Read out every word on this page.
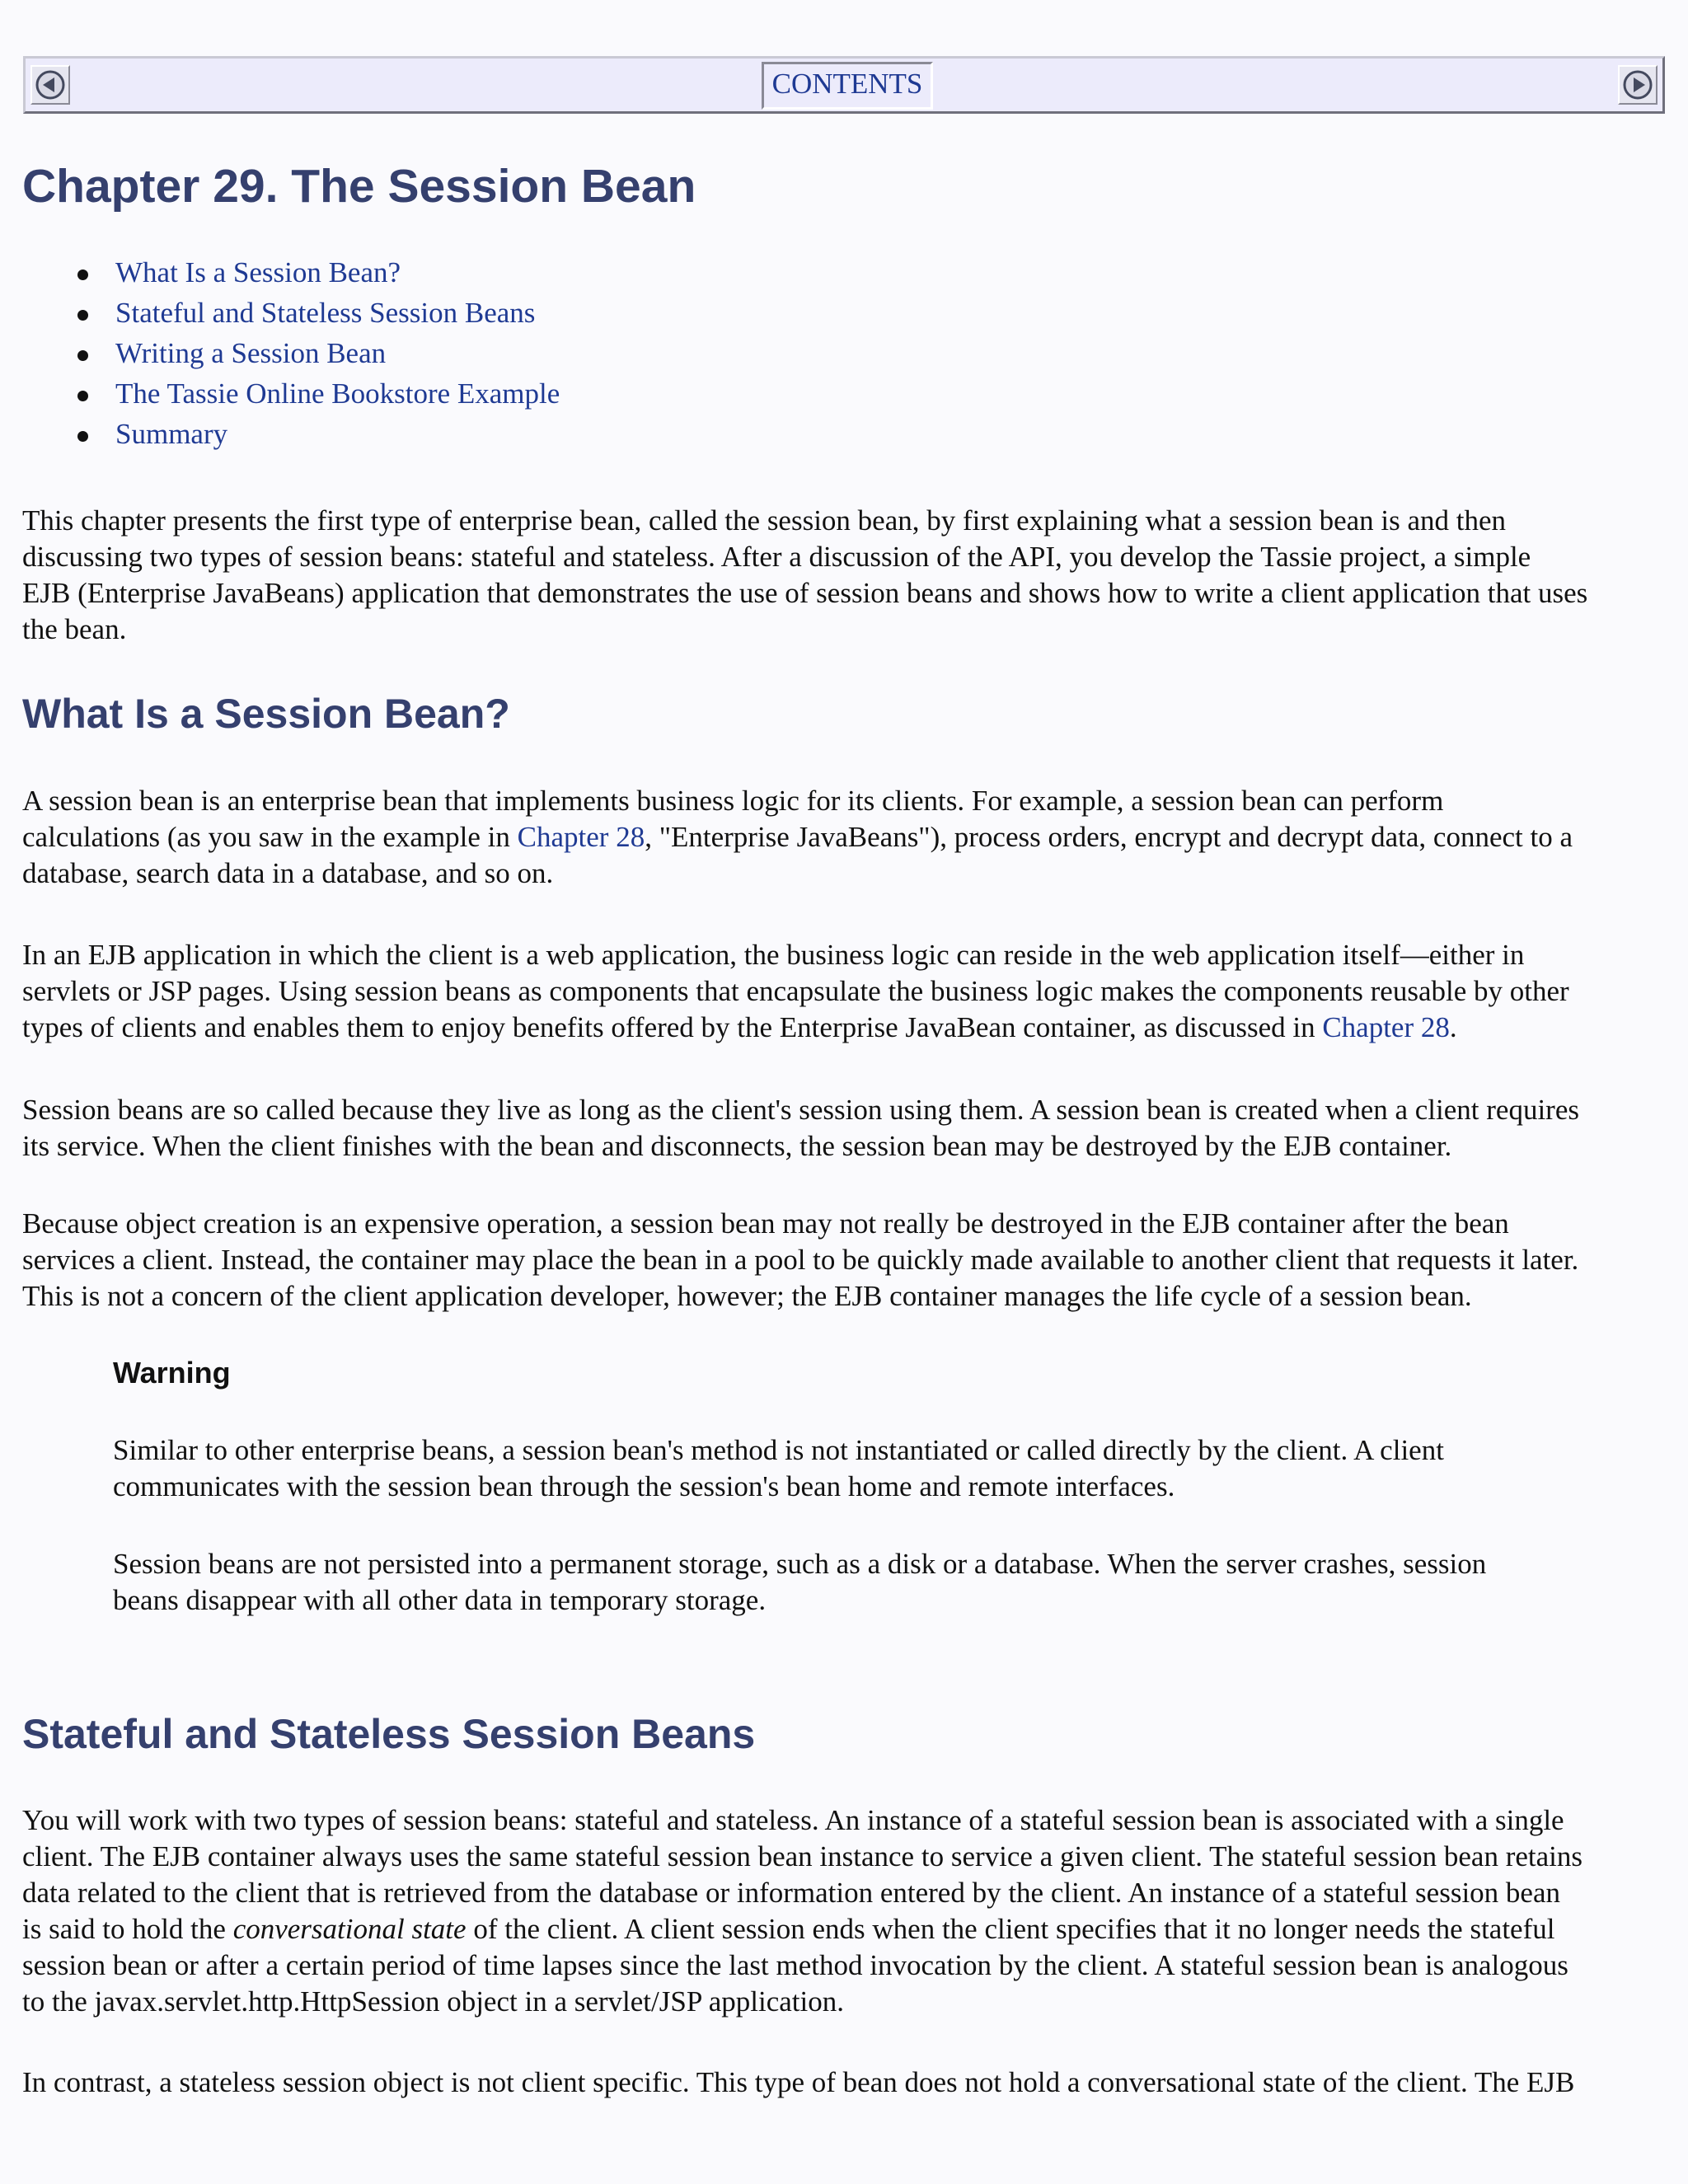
CONTENTS
Chapter 29. The Session Bean
What Is a Session Bean?
Stateful and Stateless Session Beans
Writing a Session Bean
The Tassie Online Bookstore Example
Summary

This chapter presents the first type of enterprise bean, called the session bean, by first explaining what a session bean is and then
discussing two types of session beans: stateful and stateless. After a discussion of the API, you develop the Tassie project, a simple
EJB (Enterprise JavaBeans) application that demonstrates the use of session beans and shows how to write a client application that uses
the bean.

What Is a Session Bean?

A session bean is an enterprise bean that implements business logic for its clients. For example, a session bean can perform
calculations (as you saw in the example in Chapter 28, "Enterprise JavaBeans"), process orders, encrypt and decrypt data, connect to a
database, search data in a database, and so on.

In an EJB application in which the client is a web application, the business logic can reside in the web application itself—either in
servlets or JSP pages. Using session beans as components that encapsulate the business logic makes the components reusable by other
types of clients and enables them to enjoy benefits offered by the Enterprise JavaBean container, as discussed in Chapter 28.

Session beans are so called because they live as long as the client's session using them. A session bean is created when a client requires
its service. When the client finishes with the bean and disconnects, the session bean may be destroyed by the EJB container.

Because object creation is an expensive operation, a session bean may not really be destroyed in the EJB container after the bean
services a client. Instead, the container may place the bean in a pool to be quickly made available to another client that requests it later.
This is not a concern of the client application developer, however; the EJB container manages the life cycle of a session bean.

Warning

Similar to other enterprise beans, a session bean's method is not instantiated or called directly by the client. A client
communicates with the session bean through the session's bean home and remote interfaces.

Session beans are not persisted into a permanent storage, such as a disk or a database. When the server crashes, session
beans disappear with all other data in temporary storage.

Stateful and Stateless Session Beans

You will work with two types of session beans: stateful and stateless. An instance of a stateful session bean is associated with a single
client. The EJB container always uses the same stateful session bean instance to service a given client. The stateful session bean retains
data related to the client that is retrieved from the database or information entered by the client. An instance of a stateful session bean
is said to hold the conversational state of the client. A client session ends when the client specifies that it no longer needs the stateful
session bean or after a certain period of time lapses since the last method invocation by the client. A stateful session bean is analogous
to the javax.servlet.http.HttpSession object in a servlet/JSP application.

In contrast, a stateless session object is not client specific. This type of bean does not hold a conversational state of the client. The EJB
